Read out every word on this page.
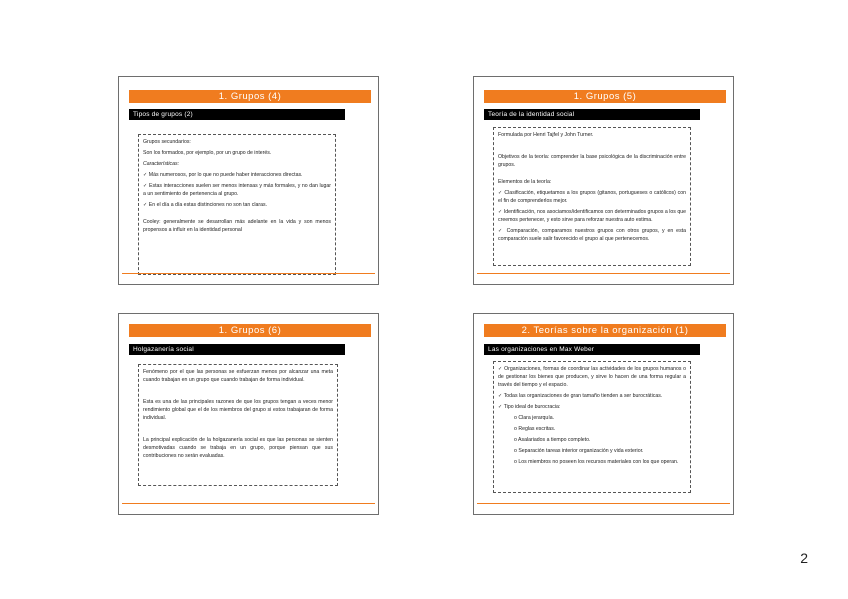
1. Grupos (4)
Tipos de grupos (2)

Grupos secundarios:

Son los formados, por ejemplo, por un grupo de interés.

Características:

✓ Más numerosos, por lo que no puede haber interacciones directas.

✓ Estas interacciones suelen ser menos intensas y más formales, y no dan lugar a un sentimiento de pertenencia al grupo.

✓ En el día a día estas distinciones no son tan claras.

Cooley: generalmente se desarrollan más adelante en la vida y son menos propensos a influir en la identidad personal

1. Grupos (5)
Teoría de la identidad social

Formulada por Henri Tajfel y John Turner.

Objetivos de la teoría: comprender la base psicológica de la discriminación entre grupos.

Elementos de la teoría:

✓ Clasificación, etiquetamos a los grupos (gitanos, portugueses o católicos) con el fin de comprenderlos mejor.

✓ Identificación, nos asociamos/identificamos con determinados grupos a los que creemos pertenecer, y esto sirve para reforzar nuestra auto estima.

✓ Comparación, comparamos nuestros grupos con otros grupos, y en esta comparación suele salir favorecido el grupo al que pertenecemos.

1. Grupos (6)
Holgazanería social

Fenómeno por el que las personas se esfuerzan menos por alcanzar una meta cuando trabajan en un grupo que cuando trabajan de forma individual.

Esta es una de las principales razones de que los grupos tengan a veces menor rendimiento global que el de los miembros del grupo si estos trabajaran de forma individual.

La principal explicación de la holgazanería social es que las personas se sienten desmotivadas cuando se trabaja en un grupo, porque piensan que sus contribuciones no serán evaluadas.

2. Teorías sobre la organización (1)
Las organizaciones en Max Weber

✓ Organizaciones, formas de coordinar las actividades de los grupos humanos o de gestionar los bienes que producen, y sirve lo hacen de una forma regular a través del tiempo y el espacio.

✓ Todas las organizaciones de gran tamaño tienden a ser burocráticas.

✓ Tipo ideal de burocracia:

o Clara jerarquía.
o Reglas escritas.
o Asalariados a tiempo completo.
o Separación tareas interior organización y vida exterior.
o Los miembros no poseen los recursos materiales con los que operan.
2
